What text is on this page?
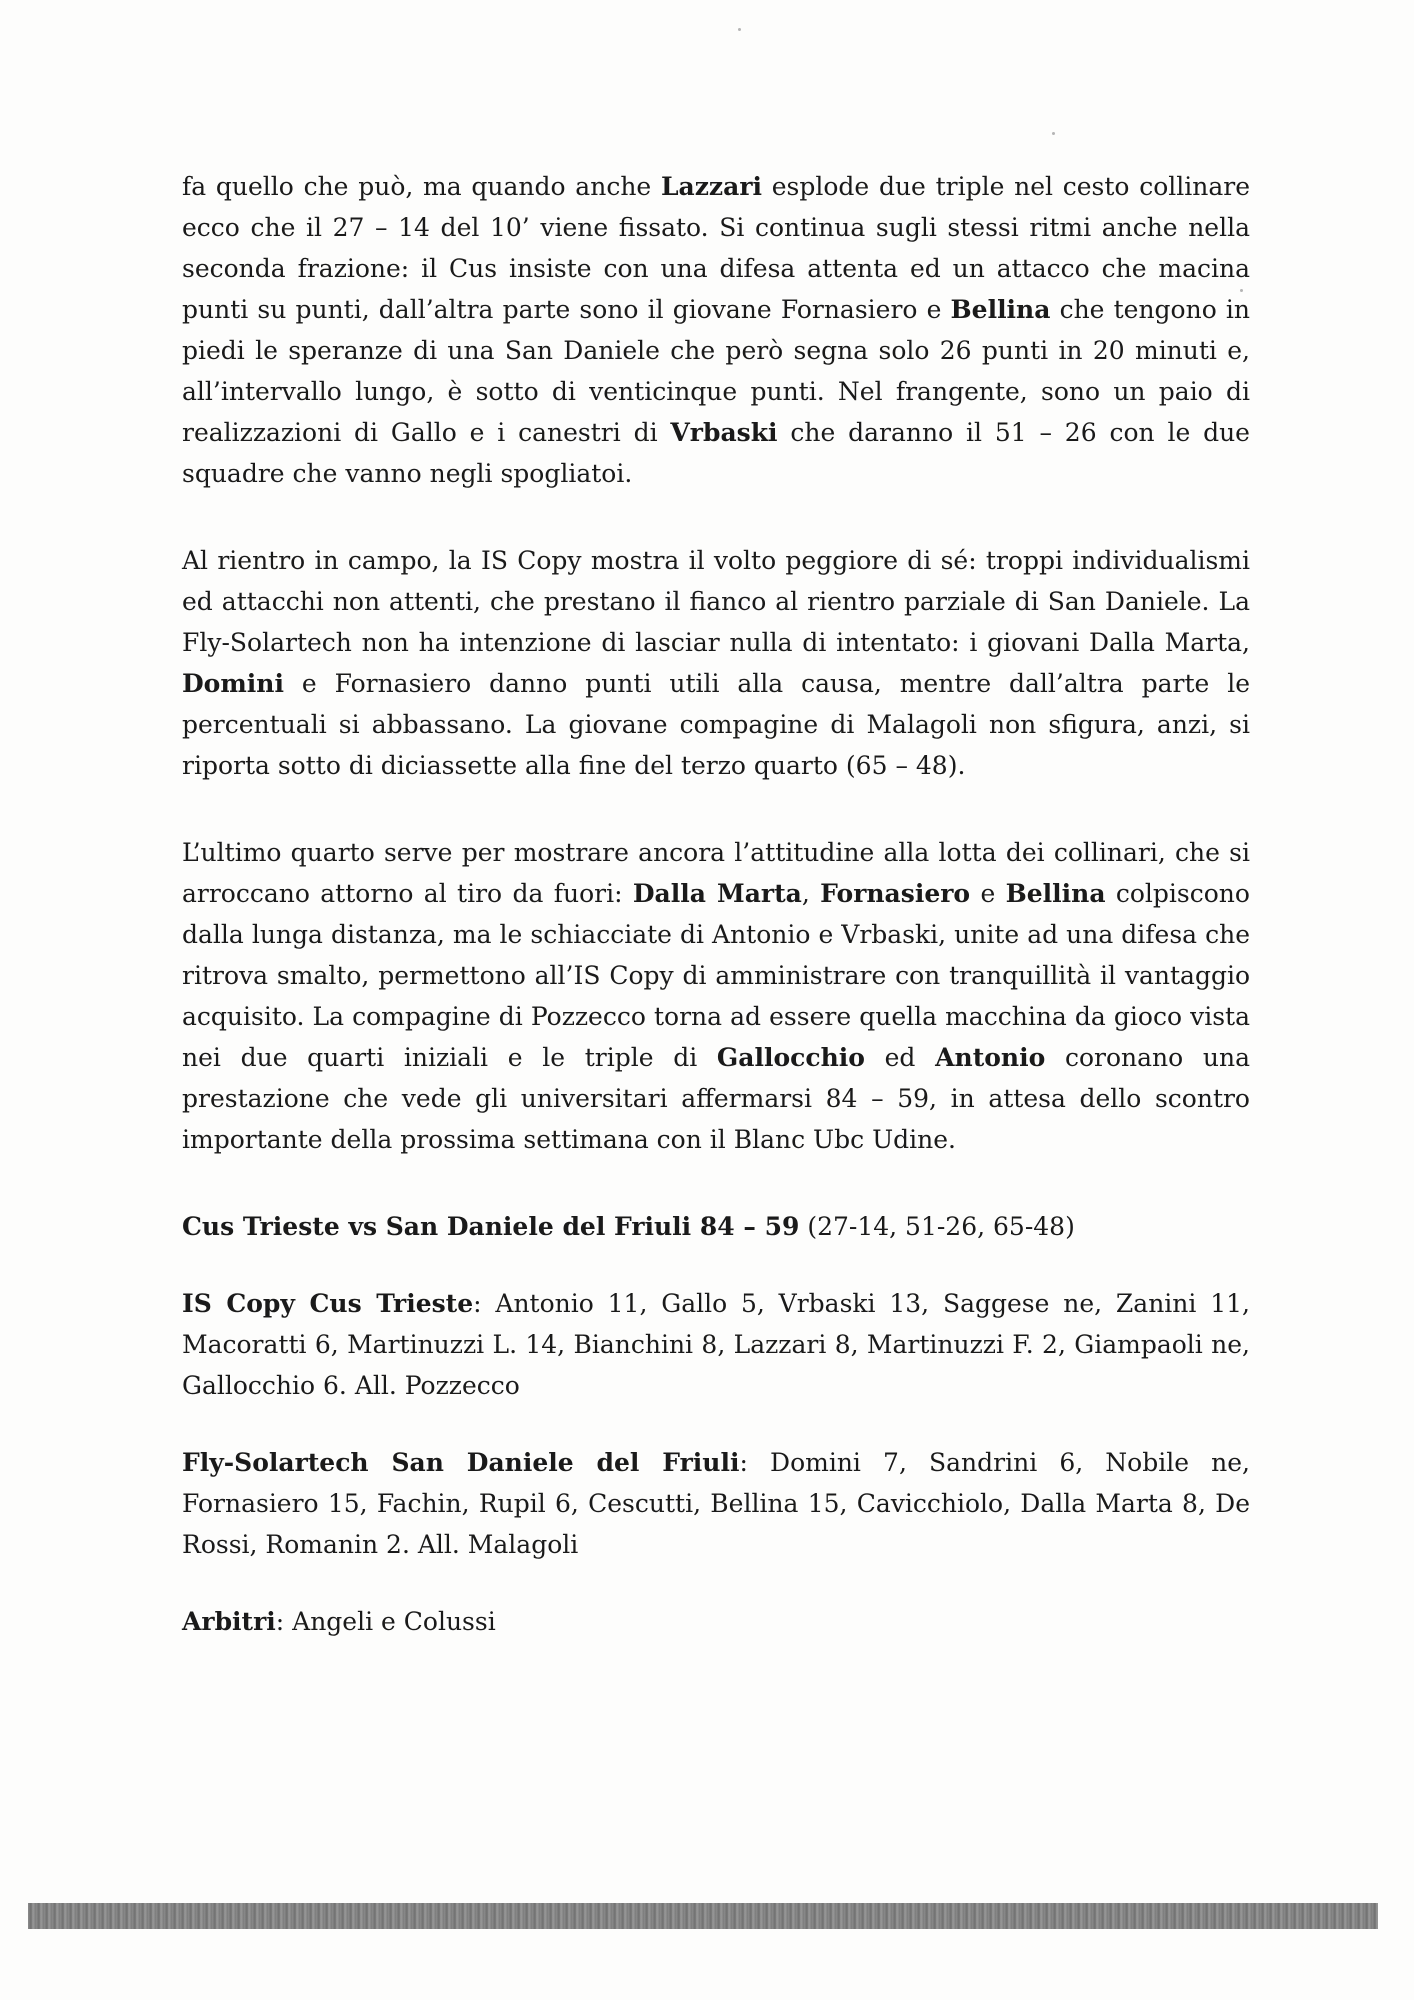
fa quello che può, ma quando anche Lazzari esplode due triple nel cesto collinare ecco che il 27 – 14 del 10’ viene fissato. Si continua sugli stessi ritmi anche nella seconda frazione: il Cus insiste con una difesa attenta ed un attacco che macina punti su punti, dall’altra parte sono il giovane Fornasiero e Bellina che tengono in piedi le speranze di una San Daniele che però segna solo 26 punti in 20 minuti e, all’intervallo lungo, è sotto di venticinque punti. Nel frangente, sono un paio di realizzazioni di Gallo e i canestri di Vrbaski che daranno il 51 – 26 con le due squadre che vanno negli spogliatoi.

Al rientro in campo, la IS Copy mostra il volto peggiore di sé: troppi individualismi ed attacchi non attenti, che prestano il fianco al rientro parziale di San Daniele. La Fly-Solartech non ha intenzione di lasciar nulla di intentato: i giovani Dalla Marta, Domini e Fornasiero danno punti utili alla causa, mentre dall’altra parte le percentuali si abbassano. La giovane compagine di Malagoli non sfigura, anzi, si riporta sotto di diciassette alla fine del terzo quarto (65 – 48).

L’ultimo quarto serve per mostrare ancora l’attitudine alla lotta dei collinari, che si arroccano attorno al tiro da fuori: Dalla Marta, Fornasiero e Bellina colpiscono dalla lunga distanza, ma le schiacciate di Antonio e Vrbaski, unite ad una difesa che ritrova smalto, permettono all’IS Copy di amministrare con tranquillità il vantaggio acquisito. La compagine di Pozzecco torna ad essere quella macchina da gioco vista nei due quarti iniziali e le triple di Gallocchio ed Antonio coronano una prestazione che vede gli universitari affermarsi 84 – 59, in attesa dello scontro importante della prossima settimana con il Blanc Ubc Udine.

Cus Trieste vs San Daniele del Friuli 84 – 59 (27-14, 51-26, 65-48)

IS Copy Cus Trieste: Antonio 11, Gallo 5, Vrbaski 13, Saggese ne, Zanini 11, Macoratti 6, Martinuzzi L. 14, Bianchini 8, Lazzari 8, Martinuzzi F. 2, Giampaoli ne, Gallocchio 6. All. Pozzecco

Fly-Solartech San Daniele del Friuli: Domini 7, Sandrini 6, Nobile ne, Fornasiero 15, Fachin, Rupil 6, Cescutti, Bellina 15, Cavicchiolo, Dalla Marta 8, De Rossi, Romanin 2. All. Malagoli

Arbitri: Angeli e Colussi
